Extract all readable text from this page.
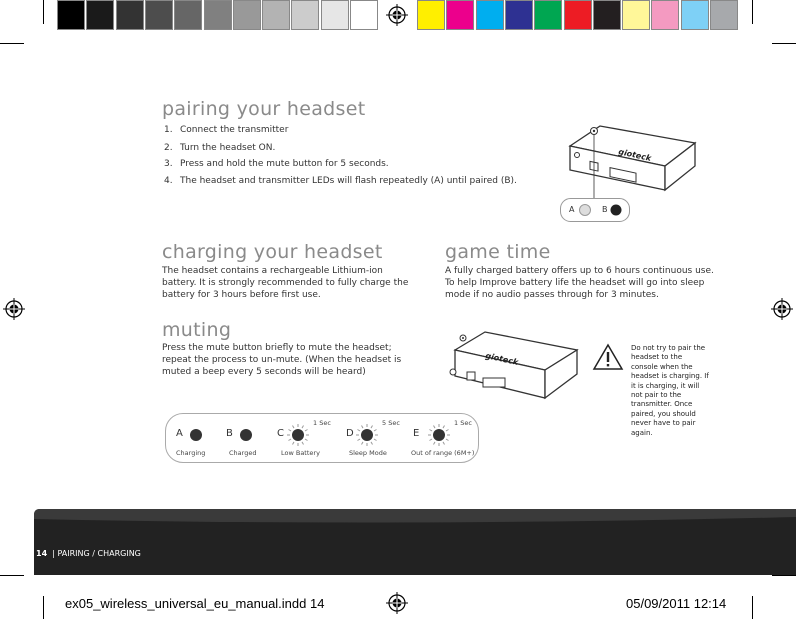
pairing your headset
1. Connect the transmitter
2. Turn the headset ON.
3. Press and hold the mute button for 5 seconds.
4. The headset and transmitter LEDs will flash repeatedly (A) until paired (B).
gioteck
A	B
charging your headset
The headset contains a rechargeable Lithium-ion battery. It is strongly recommended to fully charge the battery for 3 hours before first use.
game time
A fully charged battery offers up to 6 hours continuous use. To help Improve battery life the headset will go into sleep mode if no audio passes through for 3 minutes.
muting
Press the mute button briefly to mute the headset; repeat the process to un-mute. (When the headset is muted a beep every 5 seconds will be heard)
gioteck
A
Charging
B
Charged
C
Low Battery
1 Sec
D
Sleep Mode
5 Sec
E
Out of range (6M+)
1 Sec
Do not try to pair the headset to the console when the headset is charging. If it is charging, it will not pair to the transmitter. Once paired, you should never have to pair again.
14 | PAIRING / CHARGING
ex05_wireless_universal_eu_manual.indd 14	05/09/2011 12:14
